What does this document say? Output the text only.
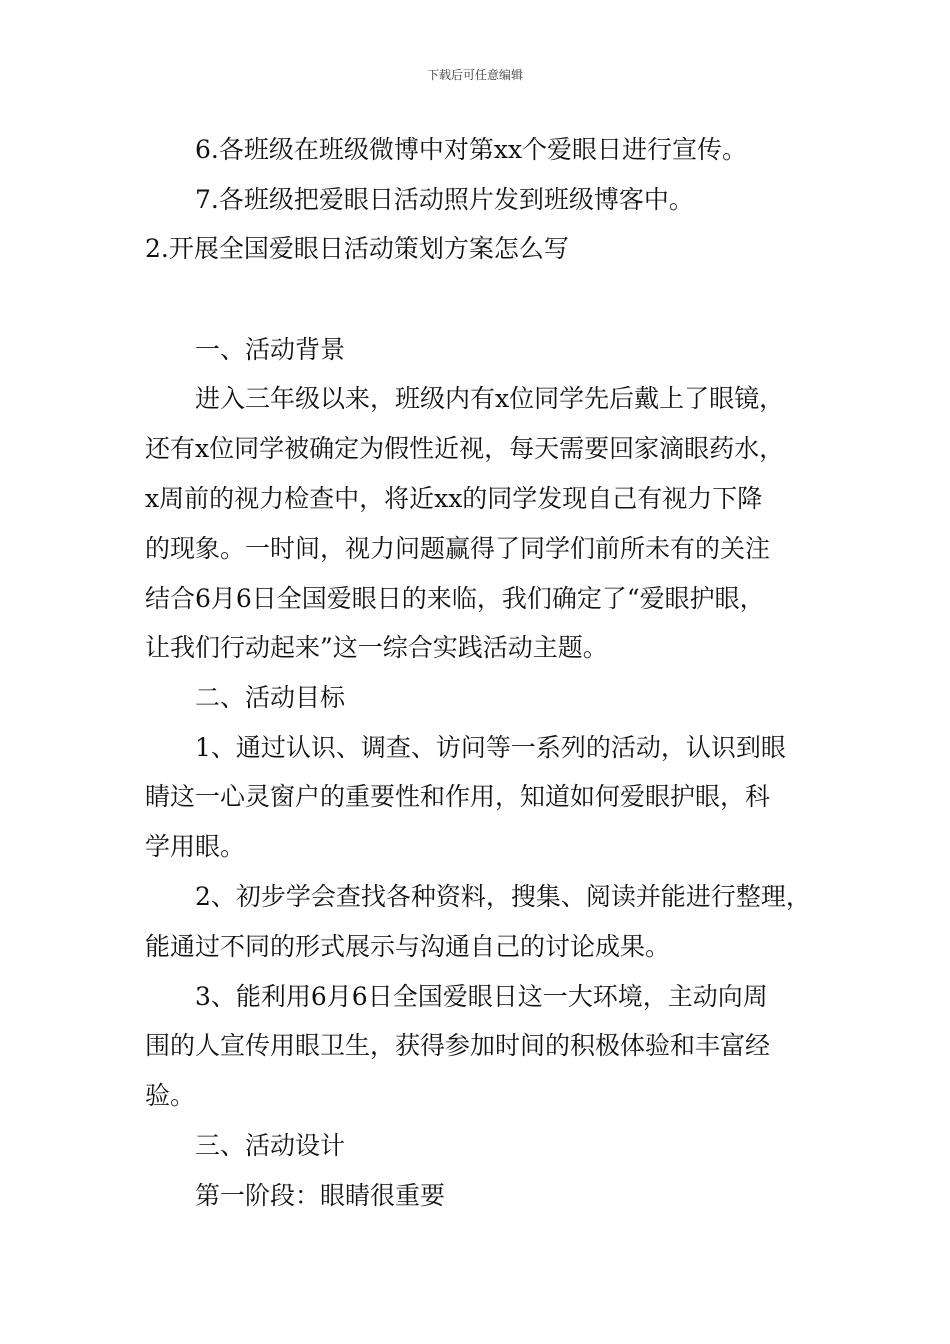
下载后可任意编辑
6.各班级在班级微博中对第xx个爱眼日进行宣传。
7.各班级把爱眼日活动照片发到班级博客中。
2.开展全国爱眼日活动策划方案怎么写
一、活动背景
进入三年级以来，班级内有x位同学先后戴上了眼镜，
还有x位同学被确定为假性近视，每天需要回家滴眼药水，
x周前的视力检查中，将近xx的同学发现自己有视力下降
的现象。一时间，视力问题赢得了同学们前所未有的关注
结合6月6日全国爱眼日的来临，我们确定了“爱眼护眼，
让我们行动起来”这一综合实践活动主题。
二、活动目标
1、通过认识、调查、访问等一系列的活动，认识到眼
睛这一心灵窗户的重要性和作用，知道如何爱眼护眼，科
学用眼。
2、初步学会查找各种资料，搜集、阅读并能进行整理，
能通过不同的形式展示与沟通自己的讨论成果。
3、能利用6月6日全国爱眼日这一大环境，主动向周
围的人宣传用眼卫生，获得参加时间的积极体验和丰富经
验。
三、活动设计
第一阶段：眼睛很重要
